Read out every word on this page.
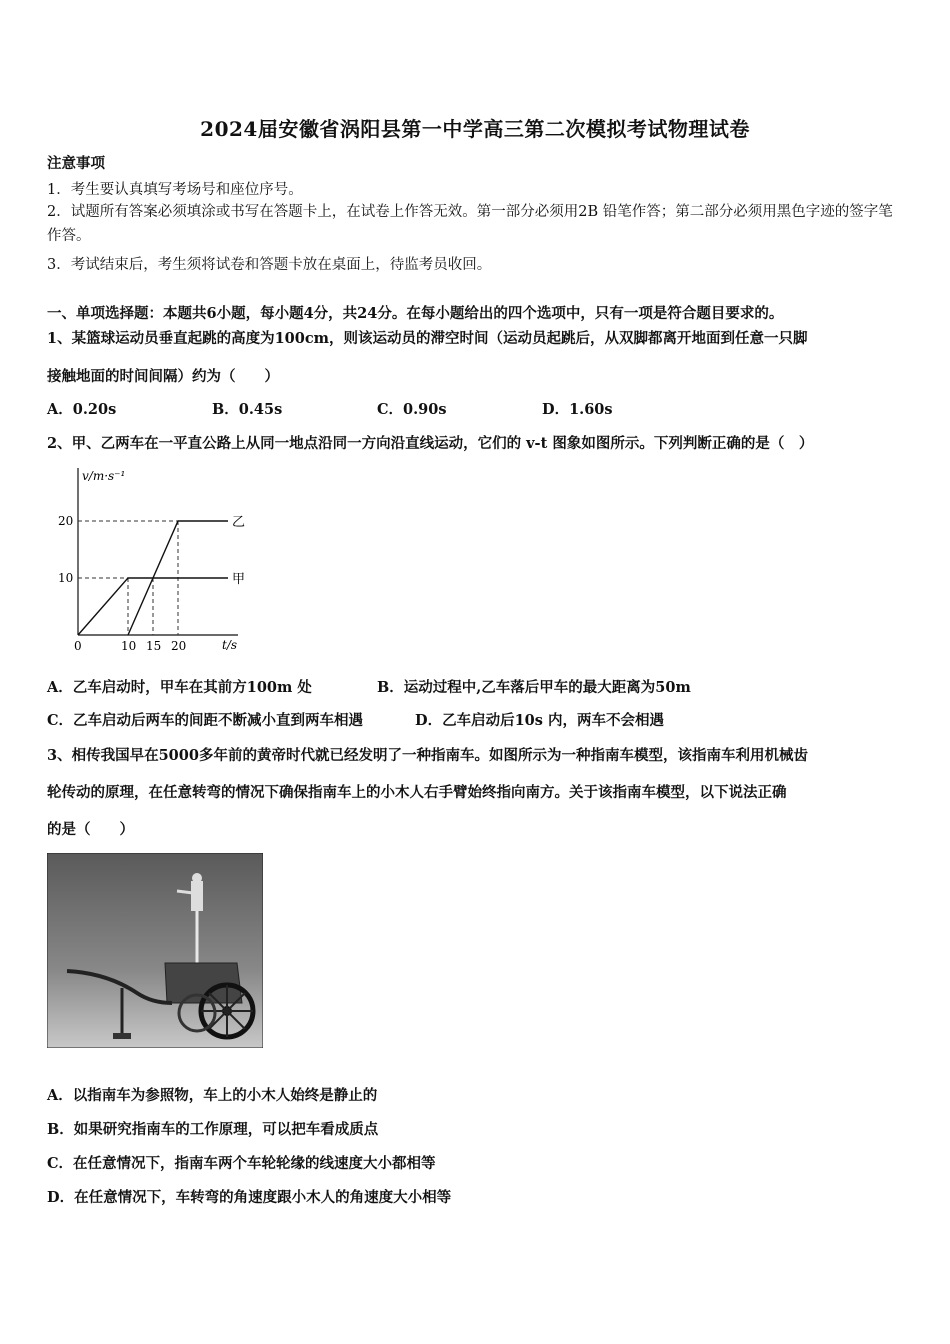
2024届安徽省涡阳县第一中学高三第二次模拟考试物理试卷
注意事项
1．考生要认真填写考场号和座位序号。
2．试题所有答案必须填涂或书写在答题卡上，在试卷上作答无效。第一部分必须用2B 铅笔作答；第二部分必须用黑色字迹的签字笔作答。
3．考试结束后，考生须将试卷和答题卡放在桌面上，待监考员收回。
一、单项选择题：本题共6小题，每小题4分，共24分。在每小题给出的四个选项中，只有一项是符合题目要求的。
1、某篮球运动员垂直起跳的高度为100cm，则该运动员的滞空时间（运动员起跳后，从双脚都离开地面到任意一只脚
接触地面的时间间隔）约为（　　）
A．0.20s	B．0.45s	C．0.90s	D．1.60s
2、甲、乙两车在一平直公路上从同一地点沿同一方向沿直线运动，它们的 v-t 图象如图所示。下列判断正确的是（　）
v/m·s⁻¹
t/s
10
20
0	10 15 20
甲
乙
A．乙车启动时，甲车在其前方100m 处	B．运动过程中,乙车落后甲车的最大距离为50m
C．乙车启动后两车的间距不断减小直到两车相遇	D．乙车启动后10s 内，两车不会相遇
3、相传我国早在5000多年前的黄帝时代就已经发明了一种指南车。如图所示为一种指南车模型，该指南车利用机械齿
轮传动的原理，在任意转弯的情况下确保指南车上的小木人右手臂始终指向南方。关于该指南车模型，以下说法正确
的是（　　）
A．以指南车为参照物，车上的小木人始终是静止的
B．如果研究指南车的工作原理，可以把车看成质点
C．在任意情况下，指南车两个车轮轮缘的线速度大小都相等
D．在任意情况下，车转弯的角速度跟小木人的角速度大小相等
